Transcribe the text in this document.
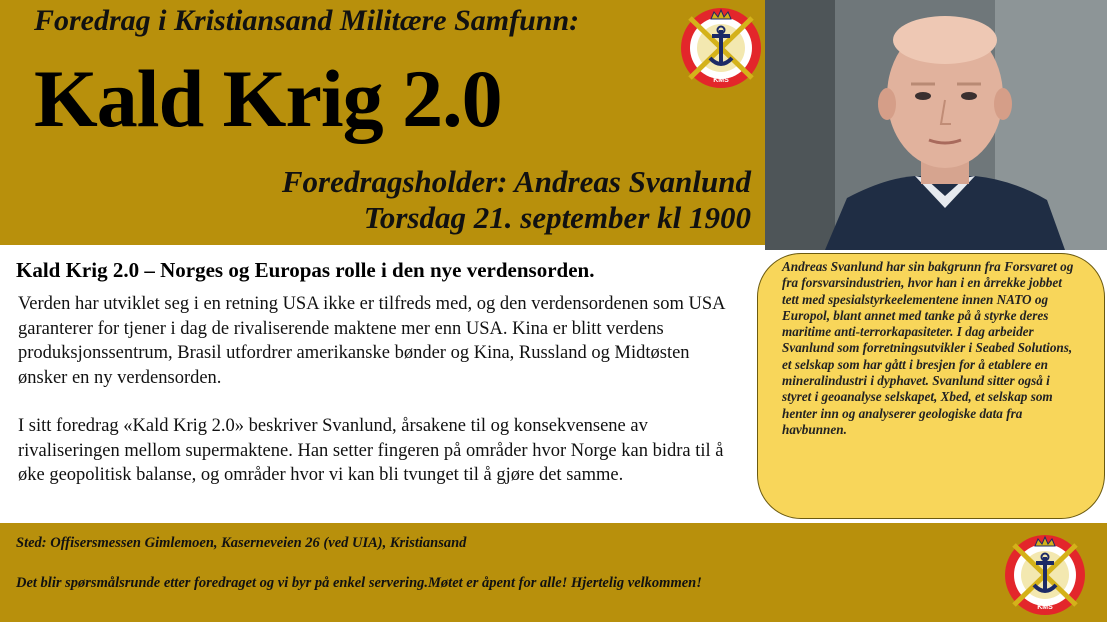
Foredrag i Kristiansand Militære Samfunn:
Kald Krig 2.0
Foredragsholder: Andreas Svanlund
Torsdag 21. september kl 1900
KMS
Kald Krig 2.0 – Norges og Europas rolle i den nye verdensorden.

Verden har utviklet seg i en retning USA ikke er tilfreds med, og den verdensordenen som USA garanterer for tjener i dag de rivaliserende maktene mer enn USA. Kina er blitt verdens produksjonssentrum, Brasil utfordrer amerikanske bønder og Kina, Russland og Midtøsten ønsker en ny verdensorden.

I sitt foredrag «Kald Krig 2.0» beskriver Svanlund, årsakene til og konsekvensene av rivaliseringen mellom supermaktene. Han setter fingeren på områder hvor Norge kan bidra til å øke geopolitisk balanse, og områder hvor vi kan bli tvunget til å gjøre det samme.

Andreas Svanlund har sin bakgrunn fra Forsvaret og fra forsvarsindustrien, hvor han i en årrekke jobbet tett med spesialstyrkeelementene innen NATO og Europol, blant annet med tanke på å styrke deres maritime anti-terrorkapasiteter. I dag arbeider Svanlund som forretningsutvikler i Seabed Solutions, et selskap som har gått i bresjen for å etablere en mineralindustri i dyphavet. Svanlund sitter også i styret i geoanalyse selskapet, Xbed, et selskap som henter inn og analyserer geologiske data fra havbunnen.
Sted: Offisersmessen Gimlemoen, Kaserneveien 26 (ved UIA), Kristiansand
Det blir spørsmålsrunde etter foredraget og vi byr på enkel servering.Møtet er åpent for alle! Hjertelig velkommen!
KMS
